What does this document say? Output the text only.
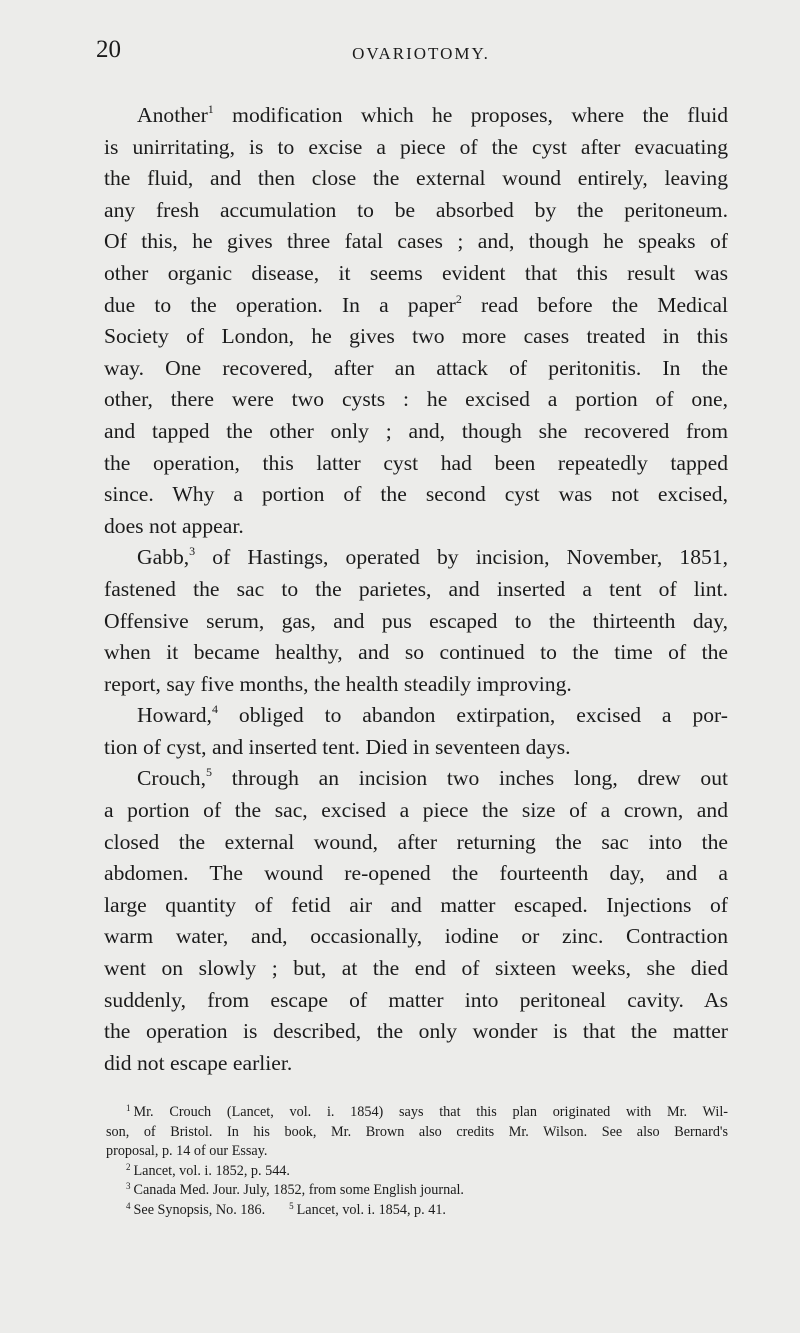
20	OVARIOTOMY.
Another$^1$ modification which he proposes, where the fluid
is unirritating, is to excise a piece of the cyst after evacuating
the fluid, and then close the external wound entirely, leaving
any fresh accumulation to be absorbed by the peritoneum.
Of this, he gives three fatal cases ; and, though he speaks of
other organic disease, it seems evident that this result was
due to the operation. In a paper$^2$ read before the Medical
Society of London, he gives two more cases treated in this
way. One recovered, after an attack of peritonitis. In the
other, there were two cysts : he excised a portion of one,
and tapped the other only ; and, though she recovered from
the operation, this latter cyst had been repeatedly tapped
since. Why a portion of the second cyst was not excised,
does not appear.
Gabb,$^3$ of Hastings, operated by incision, November, 1851,
fastened the sac to the parietes, and inserted a tent of lint.
Offensive serum, gas, and pus escaped to the thirteenth day,
when it became healthy, and so continued to the time of the
report, say five months, the health steadily improving.
Howard,$^4$ obliged to abandon extirpation, excised a por-
tion of cyst, and inserted tent. Died in seventeen days.
Crouch,$^5$ through an incision two inches long, drew out
a portion of the sac, excised a piece the size of a crown, and
closed the external wound, after returning the sac into the
abdomen. The wound re-opened the fourteenth day, and a
large quantity of fetid air and matter escaped. Injections of
warm water, and, occasionally, iodine or zinc. Contraction
went on slowly ; but, at the end of sixteen weeks, she died
suddenly, from escape of matter into peritoneal cavity. As
the operation is described, the only wonder is that the matter
did not escape earlier.
$^1$ Mr. Crouch (Lancet, vol. i. 1854) says that this plan originated with Mr. Wil-
son, of Bristol. In his book, Mr. Brown also credits Mr. Wilson. See also Bernard's
proposal, p. 14 of our Essay.
$^2$ Lancet, vol. i. 1852, p. 544.
$^3$ Canada Med. Jour. July, 1852, from some English journal.
$^4$ See Synopsis, No. 186.	$^5$ Lancet, vol. i. 1854, p. 41.
